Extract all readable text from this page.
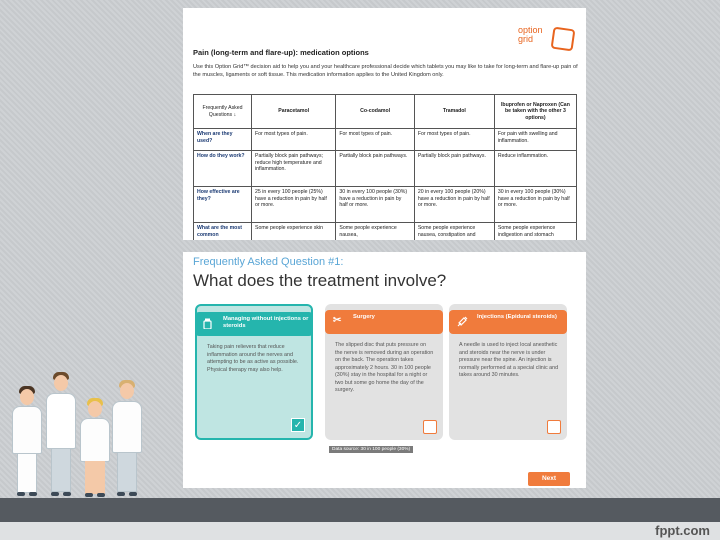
option
grid
Pain (long-term and flare-up): medication options
Use this Option Grid™ decision aid to help you and your healthcare professional decide which tablets you may like to take for long-term and flare-up pain of the muscles, ligaments or soft tissue. This medication information applies to the United Kingdom only.
Frequently Asked Questions ↓	Paracetamol	Co-codamol	Tramadol	Ibuprofen or Naproxen (Can be taken with the other 3 options)
When are they used?	For most types of pain.	For most types of pain.	For most types of pain.	For pain with swelling and inflammation.
How do they work?	Partially block pain pathways; reduce high temperature and inflammation.	Partially block pain pathways.	Partially block pain pathways.	Reduce inflammation.
How effective are they?	25 in every 100 people (25%) have a reduction in pain by half or more.	30 in every 100 people (30%) have a reduction in pain by half or more.	20 in every 100 people (20%) have a reduction in pain by half or more.	30 in every 100 people (30%) have a reduction in pain by half or more.
What are the most common	Some people experience skin	Some people experience nausea,	Some people experience nausea, constipation and	Some people experience indigestion and stomach
Frequently Asked Question #1:
What does the treatment involve?
Managing without injections or steroids
Taking pain relievers that reduce inflammation around the nerves and attempting to be as active as possible. Physical therapy may also help.
✓
✂ Surgery
The slipped disc that puts pressure on the nerve is removed during an operation on the back. The operation takes approximately 2 hours. 30 in 100 people (30%) stay in the hospital for a night or two but some go home the day of the surgery.
Injections (Epidural steroids)
A needle is used to inject local anesthetic and steroids near the nerve is under pressure near the spine. An injection is normally performed at a special clinic and takes around 30 minutes.
Data source: 30 in 100 people (30%)
Next
fppt.com
